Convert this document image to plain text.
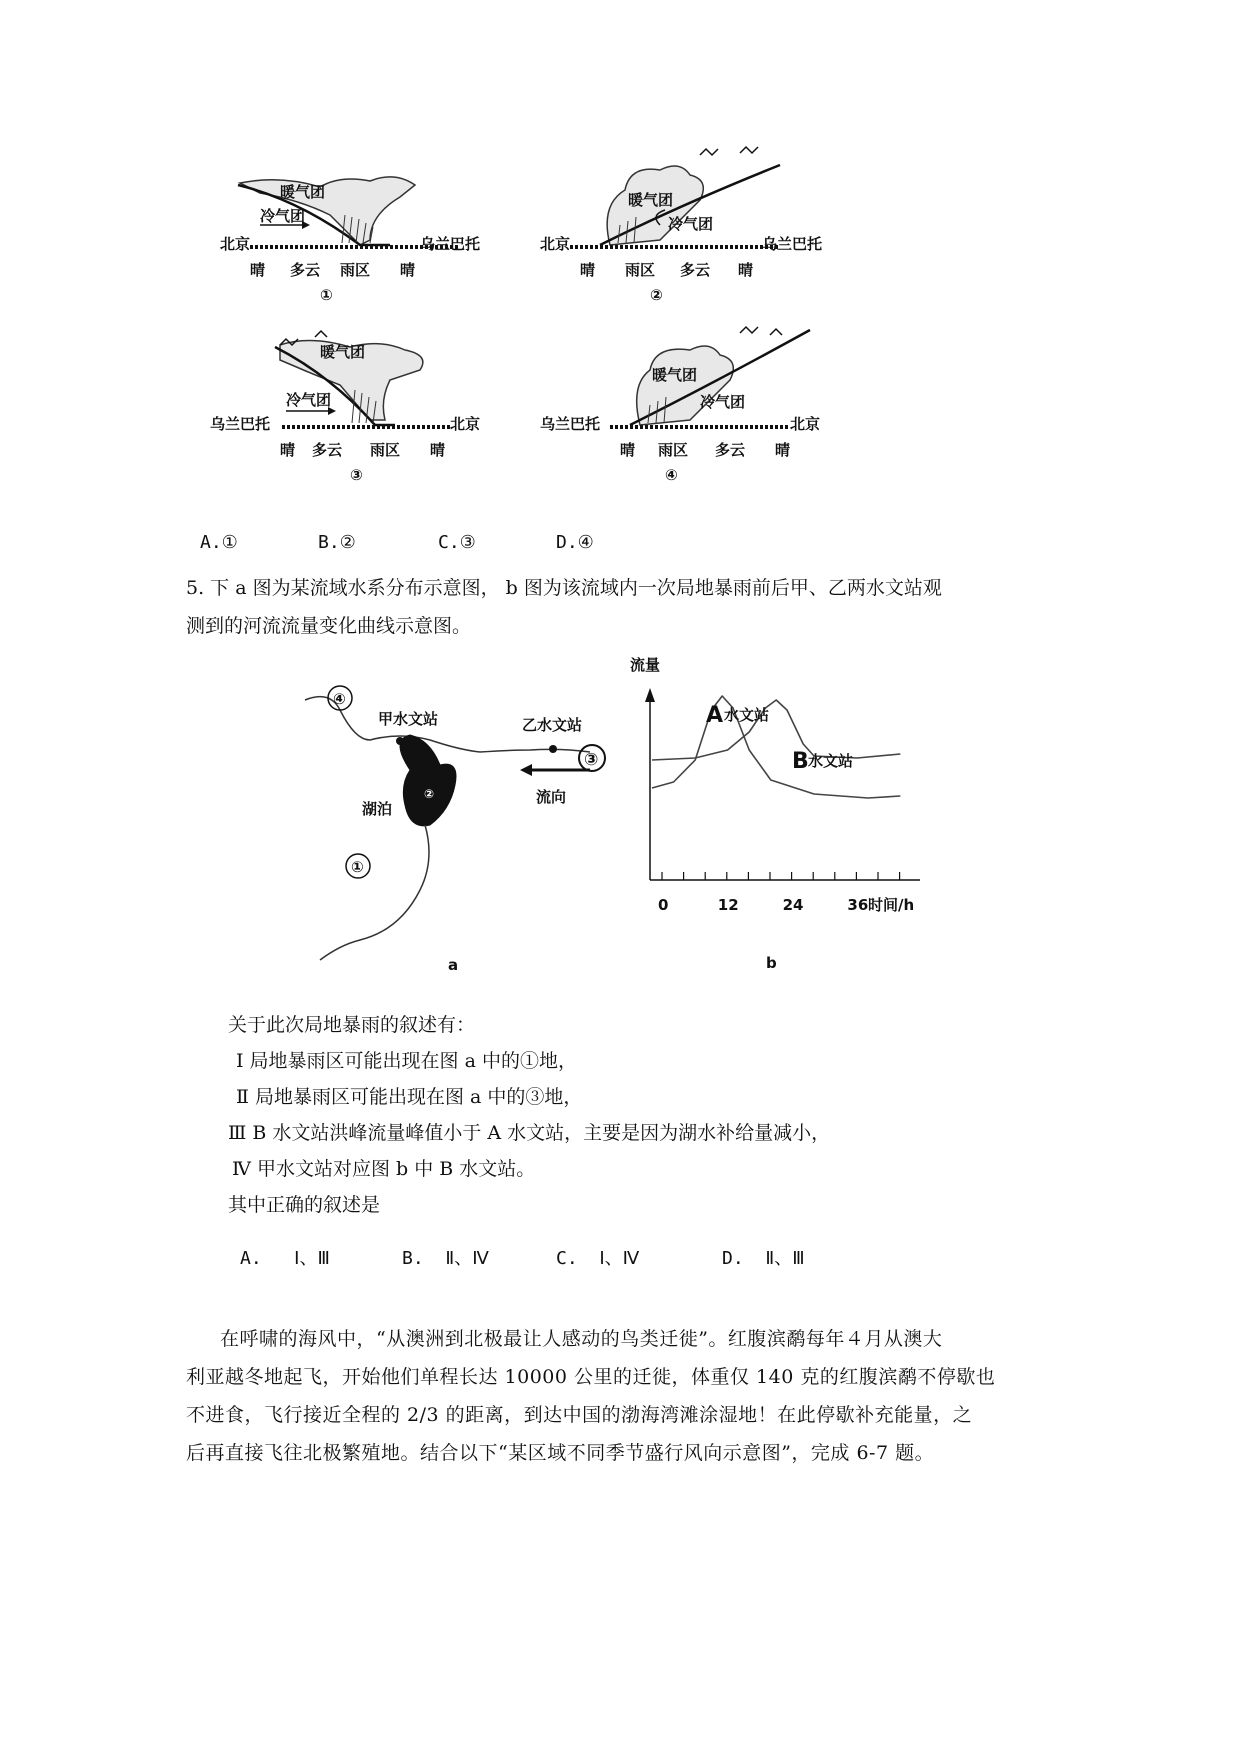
暖气团
冷气团
北京	乌兰巴托
晴 多云 雨区 晴
①
暖气团
冷气团
北京	乌兰巴托
晴 雨区 多云 晴
②
暖气团
冷气团
乌兰巴托	北京
晴 多云 雨区 晴
③
暖气团
冷气团
乌兰巴托	北京
晴 雨区 多云 晴
④
A.①	B.②	C.③	D.④
5. 下 a 图为某流域水系分布示意图， b 图为该流域内一次局地暴雨前后甲、乙两水文站观
测到的河流流量变化曲线示意图。
④
甲水文站	乙水文站
③
流向
湖泊
②
①
a
流量
0	12	24	36 时间/h
A 水文站
B 水文站
b
关于此次局地暴雨的叙述有：
Ⅰ 局地暴雨区可能出现在图 a 中的①地，
Ⅱ 局地暴雨区可能出现在图 a 中的③地，
Ⅲ B 水文站洪峰流量峰值小于 A 水文站，主要是因为湖水补给量减小，
Ⅳ 甲水文站对应图 b 中 B 水文站。
其中正确的叙述是
A.   Ⅰ、Ⅲ	B.  Ⅱ、Ⅳ	C.  Ⅰ、Ⅳ	D.  Ⅱ、Ⅲ
在呼啸的海风中，“从澳洲到北极最让人感动的鸟类迁徙”。红腹滨鹬每年４月从澳大
利亚越冬地起飞，开始他们单程长达 10000 公里的迁徙，体重仅 140 克的红腹滨鹬不停歇也
不进食，飞行接近全程的 2/3 的距离，到达中国的渤海湾滩涂湿地！在此停歇补充能量，之
后再直接飞往北极繁殖地。结合以下“某区域不同季节盛行风向示意图”，完成 6-7 题。
